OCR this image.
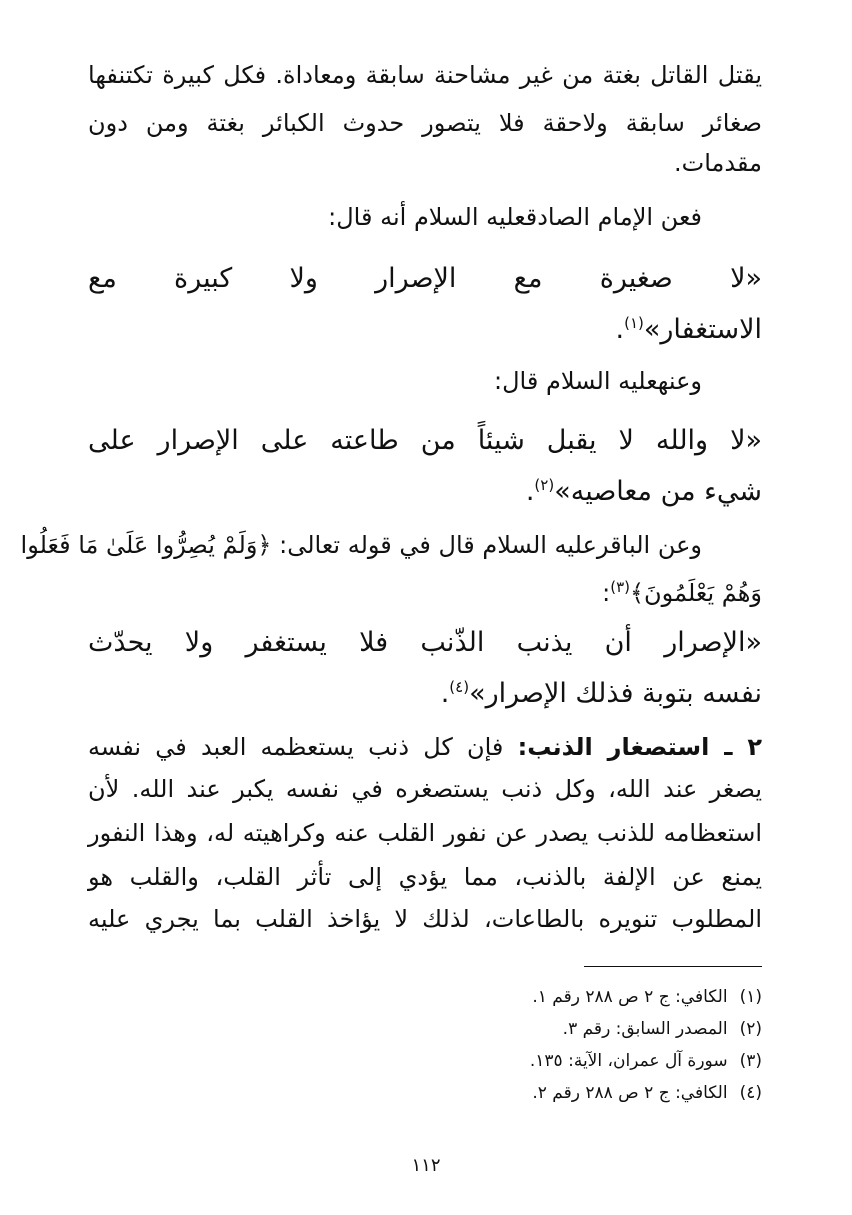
يقتل القاتل بغتة من غير مشاحنة سابقة ومعاداة. فكل كبيرة تكتنفها
صغائر سابقة ولاحقة فلا يتصور حدوث الكبائر بغتة ومن دون
مقدمات.
فعن الإمام الصادقعليه السلام أنه قال:
«لا صغيرة مع الإصرار ولا كبيرة مع
الاستغفار»$^{(١)}$.
وعنهعليه السلام قال:
«لا والله لا يقبل شيئاً من طاعته على الإصرار على
شيء من معاصيه»$^{(٢)}$.
وعن الباقرعليه السلام قال في قوله تعالى: ﴿وَلَمْ يُصِرُّوا عَلَىٰ مَا فَعَلُوا
وَهُمْ يَعْلَمُونَ﴾$^{(٣)}$:
«الإصرار أن يذنب الذّنب فلا يستغفر ولا يحدّث
نفسه بتوبة فذلك الإصرار»$^{(٤)}$.
٢ ـ استصغار الذنب: فإن كل ذنب يستعظمه العبد في نفسه
يصغر عند الله، وكل ذنب يستصغره في نفسه يكبر عند الله. لأن
استعظامه للذنب يصدر عن نفور القلب عنه وكراهيته له، وهذا النفور
يمنع عن الإلفة بالذنب، مما يؤدي إلى تأثر القلب، والقلب هو
المطلوب تنويره بالطاعات، لذلك لا يؤاخذ القلب بما يجري عليه
(١)الكافي: ج ٢ ص ٢٨٨ رقم ١.
(٢)المصدر السابق: رقم ٣.
(٣)سورة آل عمران، الآية: ١٣٥.
(٤)الكافي: ج ٢ ص ٢٨٨ رقم ٢.
١١٢
